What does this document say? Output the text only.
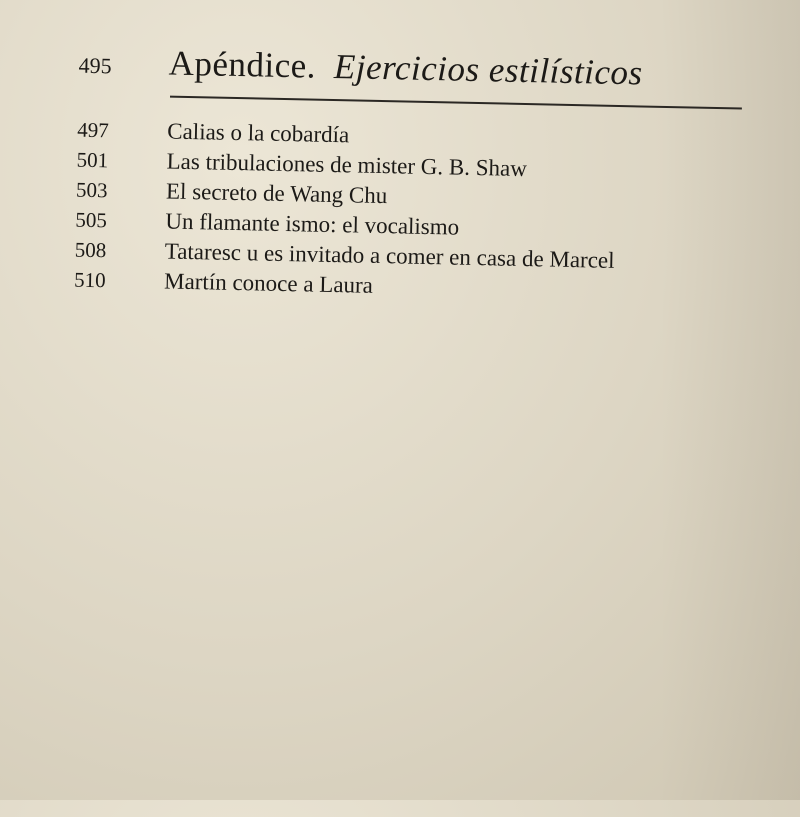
495	Apéndice. Ejercicios estilísticos
497	Calias o la cobardía
501	Las tribulaciones de mister G. B. Shaw
503	El secreto de Wang Chu
505	Un flamante ismo: el vocalismo
508	Tataresc u es invitado a comer en casa de Marcel
510	Martín conoce a Laura
